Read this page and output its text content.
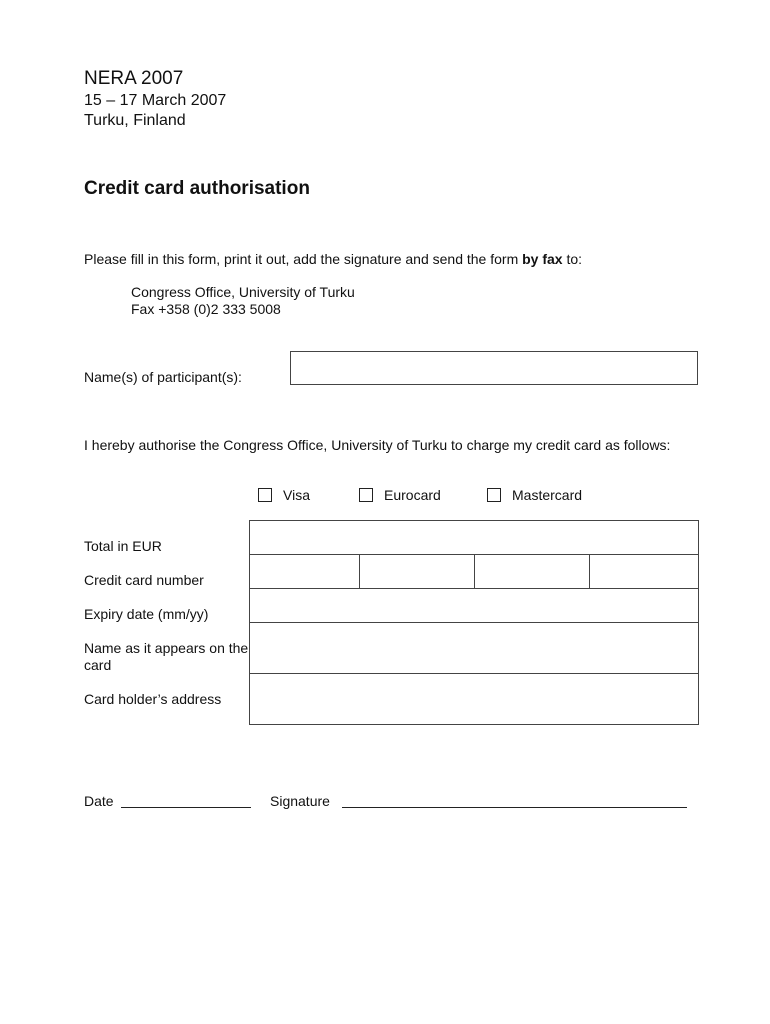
NERA 2007
15 – 17 March 2007
Turku, Finland
Credit card authorisation
Please fill in this form, print it out, add the signature and send the form by fax to:
Congress Office, University of Turku
Fax +358 (0)2 333 5008
Name(s) of participant(s):
I hereby authorise the Congress Office, University of Turku to charge my credit card as follows:
Visa	Eurocard	Mastercard
Total in EUR
Credit card number
Expiry date (mm/yy)
Name as it appears on the card
Card holder’s address
Date	Signature
